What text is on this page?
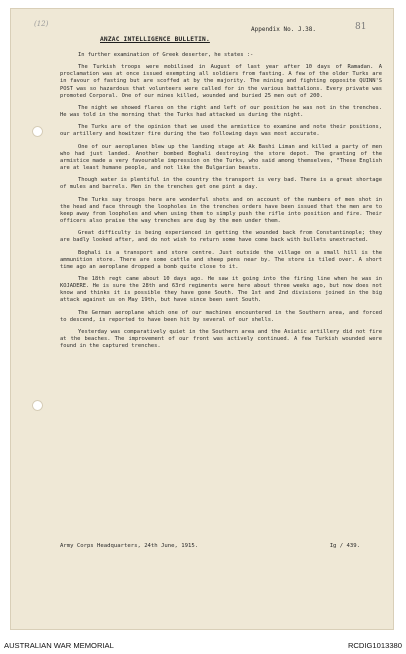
(12)
Appendix No. J.38.	81
ANZAC INTELLIGENCE BULLETIN.

In further examination of Greek deserter, he states :-

The Turkish troops were mobilised in August of last year after 10 days of Ramadan. A proclamation was at once issued exempting all soldiers from fasting. A few of the older Turks are in favour of fasting but are scoffed at by the majority. The mining and fighting opposite QUINN'S POST was so hazardous that volunteers were called for in the various battalions. Every private was promoted Corporal. One of our mines killed, wounded and buried 25 men out of 200.

The night we showed flares on the right and left of our position he was not in the trenches. He was told in the morning that the Turks had attacked us during the night.

The Turks are of the opinion that we used the armistice to examine and note their positions, our artillery and howitzer fire during the two following days was most accurate.

One of our aeroplanes blew up the landing stage at Ak Bashi Liman and killed a party of men who had just landed. Another bombed Boghali destroying the store depot. The granting of the armistice made a very favourable impression on the Turks, who said among themselves, "These English are at least humane people, and not like the Bulgarian beasts.

Though water is plentiful in the country the transport is very bad. There is a great shortage of mules and barrels. Men in the trenches get one pint a day.

The Turks say troops here are wonderful shots and on account of the numbers of men shot in the head and face through the loopholes in the trenches orders have been issued that the men are to keep away from loopholes and when using them to simply push the rifle into position and fire. Their officers also praise the way trenches are dug by the men under them.

Great difficulty is being experienced in getting the wounded back from Constantinople; they are badly looked after, and do not wish to return some have come back with bullets unextracted.

Boghali is a transport and store centre. Just outside the village on a small hill is the ammunition store. There are some cattle and sheep pens near by. The store is tiled over. A short time ago an aeroplane dropped a bomb quite close to it.

The 18th regt came about 10 days ago. He saw it going into the firing line when he was in KOJADERE. He is sure the 28th and 63rd regiments were here about three weeks ago, but now does not know and thinks it is possible they have gone South. The 1st and 2nd divisions joined in the big attack against us on May 19th, but have since been sent South.

The German aeroplane which one of our machines encountered in the Southern area, and forced to descend, is reported to have been hit by several of our shells.

Yesterday was comparatively quiet in the Southern area and the Asiatic artillery did not fire at the beaches. The improvement of our front was actively continued. A few Turkish wounded were found in the captured trenches.

Army Corps Headquarters, 24th June, 1915.	Ig / 439.
AUSTRALIAN WAR MEMORIAL	RCDIG1013380
